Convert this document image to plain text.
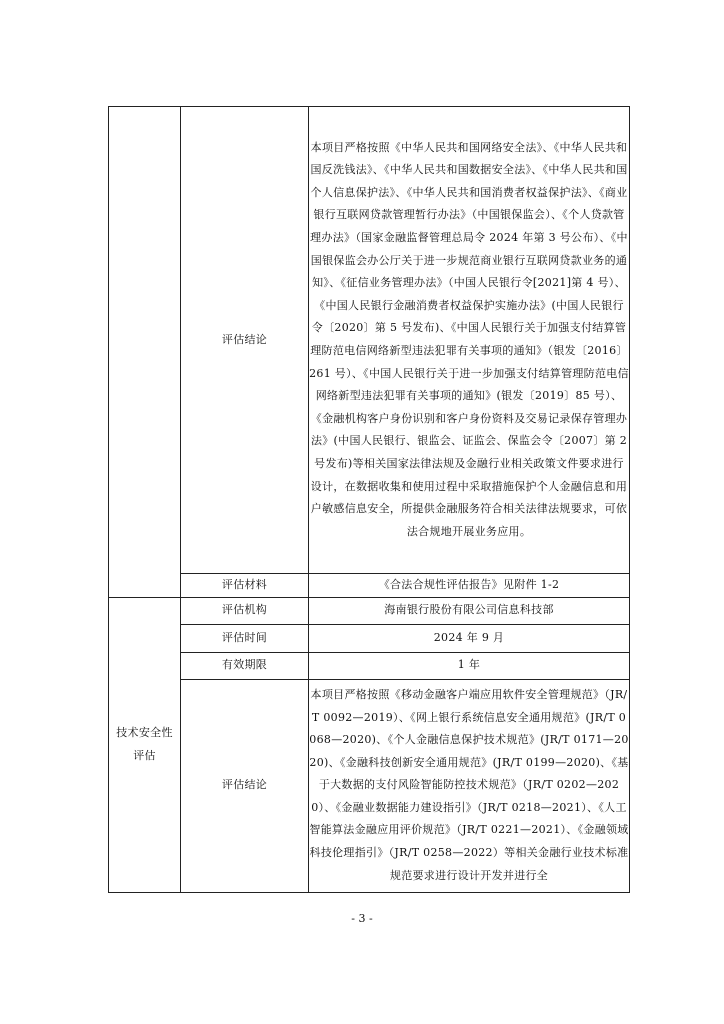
	评估结论	本项目严格按照《中华人民共和国网络安全法》、《中华人民共和国反洗钱法》、《中华人民共和国数据安全法》、《中华人民共和国个人信息保护法》、《中华人民共和国消费者权益保护法》、《商业银行互联网贷款管理暂行办法》（中国银保监会）、《个人贷款管理办法》（国家金融监督管理总局令 2024 年第 3 号公布）、《中国银保监会办公厅关于进一步规范商业银行互联网贷款业务的通知》、《征信业务管理办法》（中国人民银行令[2021]第 4 号）、《中国人民银行金融消费者权益保护实施办法》(中国人民银行令〔2020〕第 5 号发布)、《中国人民银行关于加强支付结算管理防范电信网络新型违法犯罪有关事项的通知》（银发〔2016〕261 号）、《中国人民银行关于进一步加强支付结算管理防范电信网络新型违法犯罪有关事项的通知》(银发〔2019〕85 号）、《金融机构客户身份识别和客户身份资料及交易记录保存管理办法》(中国人民银行、银监会、证监会、保监会令〔2007〕第 2 号发布)等相关国家法律法规及金融行业相关政策文件要求进行设计，在数据收集和使用过程中采取措施保护个人金融信息和用户敏感信息安全，所提供金融服务符合相关法律法规要求，可依法合规地开展业务应用。
	评估材料	《合法合规性评估报告》见附件 1-2
技术安全性评估	评估机构	海南银行股份有限公司信息科技部
	评估时间	2024 年 9 月
	有效期限	1 年
	评估结论	本项目严格按照《移动金融客户端应用软件安全管理规范》（JR/T 0092—2019）、《网上银行系统信息安全通用规范》(JR/T 0068—2020)、《个人金融信息保护技术规范》(JR/T 0171—2020)、《金融科技创新安全通用规范》(JR/T 0199—2020)、《基于大数据的支付风险智能防控技术规范》（JR/T 0202—2020）、《金融业数据能力建设指引》（JR/T 0218—2021）、《人工智能算法金融应用评价规范》（JR/T 0221—2021）、《金融领域科技伦理指引》（JR/T 0258—2022）等相关金融行业技术标准规范要求进行设计开发并进行全
- 3 -
